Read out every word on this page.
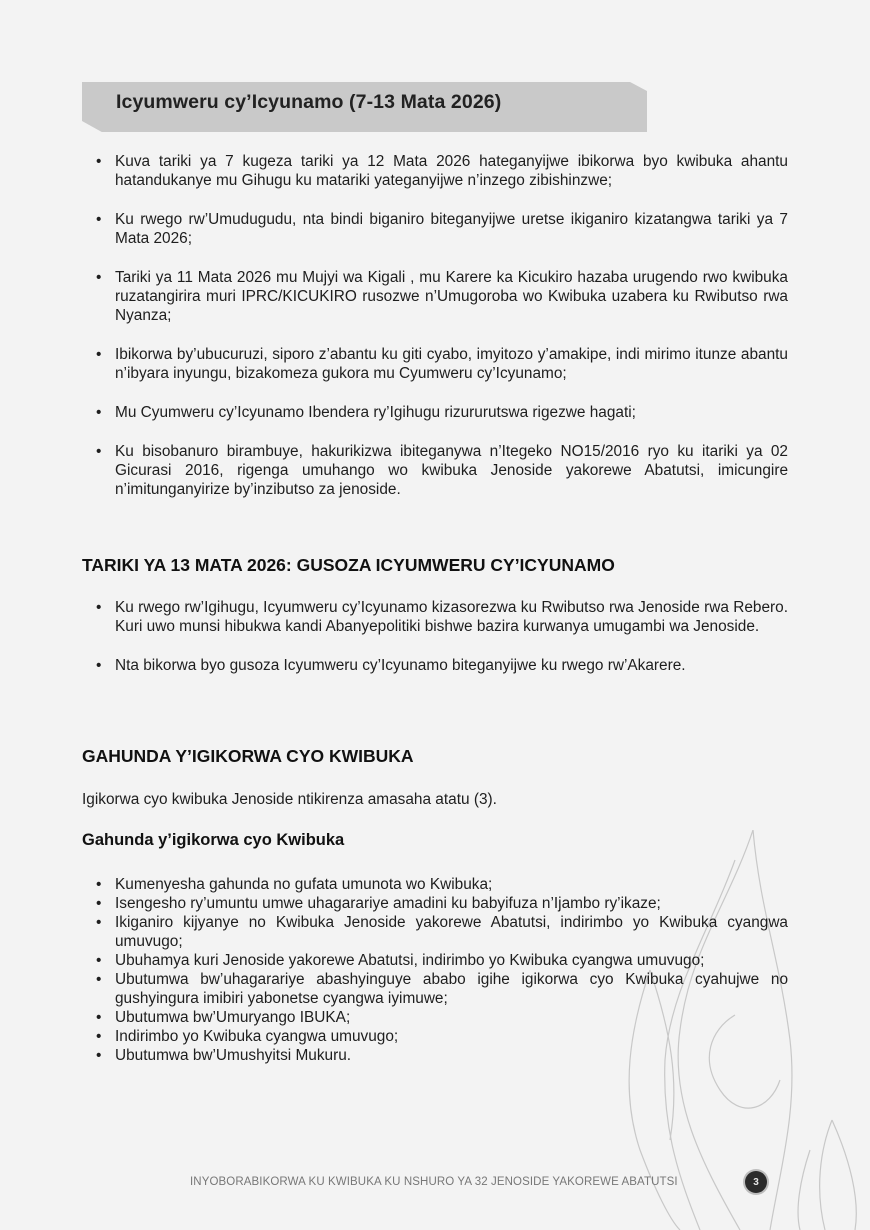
Icyumweru cy’Icyunamo (7-13 Mata 2026)
• Kuva tariki ya 7 kugeza tariki ya 12 Mata 2026 hateganyijwe ibikorwa byo kwibuka ahantu hatandukanye mu Gihugu ku matariki yateganyijwe n’inzego zibishinzwe;
• Ku rwego rw’Umudugudu, nta bindi biganiro biteganyijwe uretse ikiganiro kizatangwa tariki ya 7 Mata 2026;
• Tariki ya 11 Mata 2026 mu Mujyi wa Kigali , mu Karere ka Kicukiro hazaba urugendo rwo kwibuka ruzatangirira muri IPRC/KICUKIRO rusozwe n’Umugoroba wo Kwibuka uzabera ku Rwibutso rwa Nyanza;
• Ibikorwa by’ubucuruzi, siporo z’abantu ku giti cyabo, imyitozo y’amakipe, indi mirimo itunze abantu n’ibyara inyungu, bizakomeza gukora mu Cyumweru cy’Icyunamo;
• Mu Cyumweru cy’Icyunamo Ibendera ry’Igihugu rizururutswa rigezwe hagati;
• Ku bisobanuro birambuye, hakurikizwa ibiteganywa n’Itegeko NO15/2016 ryo ku itariki ya 02 Gicurasi 2016, rigenga umuhango wo kwibuka Jenoside yakorewe Abatutsi, imicungire n’imitunganyirize by’inzibutso za jenoside.
TARIKI YA 13 MATA 2026: GUSOZA ICYUMWERU CY’ICYUNAMO
• Ku rwego rw’Igihugu, Icyumweru cy’Icyunamo kizasorezwa ku Rwibutso rwa Jenoside rwa Rebero. Kuri uwo munsi hibukwa kandi Abanyepolitiki bishwe bazira kurwanya umugambi wa Jenoside.
• Nta bikorwa byo gusoza Icyumweru cy’Icyunamo biteganyijwe ku rwego rw’Akarere.
GAHUNDA Y’IGIKORWA CYO KWIBUKA
Igikorwa cyo kwibuka Jenoside ntikirenza amasaha atatu (3).
Gahunda y’igikorwa cyo Kwibuka
• Kumenyesha gahunda no gufata umunota wo Kwibuka;
• Isengesho ry’umuntu umwe uhagarariye amadini ku babyifuza n’Ijambo ry’ikaze;
• Ikiganiro kijyanye no Kwibuka Jenoside yakorewe Abatutsi, indirimbo yo Kwibuka cyangwa umuvugo;
• Ubuhamya kuri Jenoside yakorewe Abatutsi, indirimbo yo Kwibuka cyangwa umuvugo;
• Ubutumwa bw’uhagarariye abashyinguye ababo igihe igikorwa cyo Kwibuka cyahujwe no gushyingura imibiri yabonetse cyangwa iyimuwe;
• Ubutumwa bw’Umuryango IBUKA;
• Indirimbo yo Kwibuka cyangwa umuvugo;
• Ubutumwa bw’Umushyitsi Mukuru.
INYOBORABIKORWA KU KWIBUKA KU NSHURO YA 32 JENOSIDE YAKOREWE ABATUTSI	3
